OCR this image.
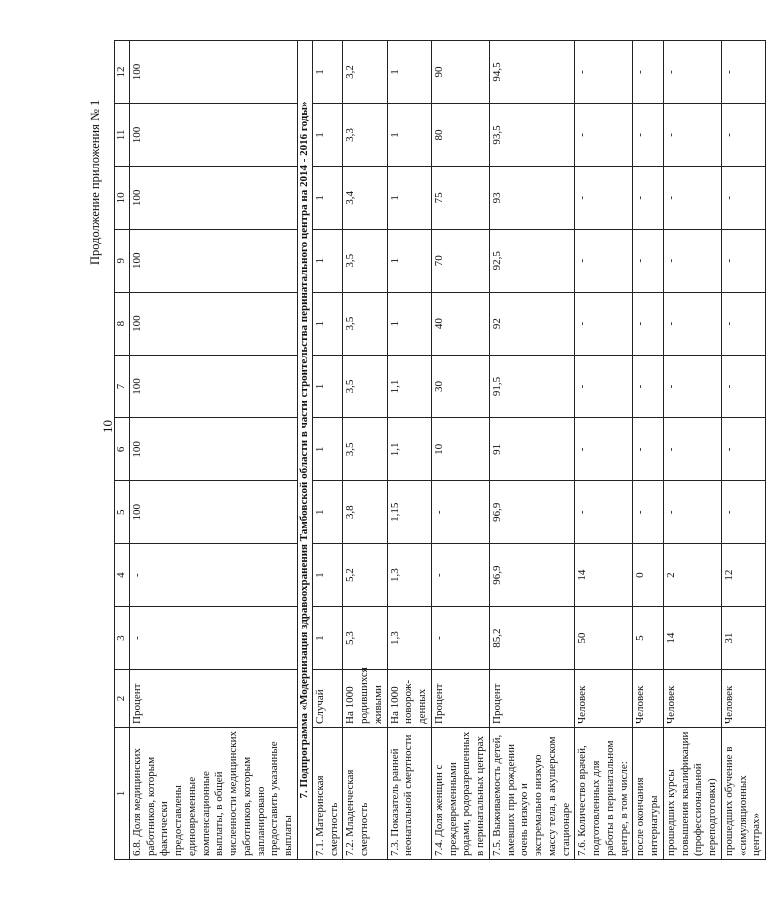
10
Продолжение приложения № 1
1	2	3	4	5	6	7	8	9	10	11	12
6.8. Доля медицинских работников, которым фактически предоставлены единовременные компенсационные выплаты, в общей численности медицинских работников, которым запланировано предоставить указанные выплаты	Процент	-	-	100	100	100	100	100	100	100	100
7. Подпрограмма «Модернизация здравоохранения Тамбовской области в части строительства перинатального центра на 2014 - 2016 годы»											
7.1. Материнская смертность	Случай	1	1	1	1	1	1	1	1	1	1
7.2. Младенческая смертность	На 1000 родившихся живыми	5,3	5,2	3,8	3,5	3,5	3,5	3,5	3,4	3,3	3,2
7.3. Показатель ранней неонатальной смертности	На 1000 новорож-денных	1,3	1,3	1,15	1,1	1,1	1	1	1	1	1
7.4. Доля женщин с преждевременными родами, родоразрешенных в перинатальных центрах	Процент	-	-	-	10	30	40	70	75	80	90
7.5. Выживаемость детей, имевших при рождении очень низкую и экстремально низкую массу тела, в акушерском стационаре	Процент	85,2	96,9	96,9	91	91,5	92	92,5	93	93,5	94,5
7.6. Количество врачей, подготовленных для работы в перинатальном центре, в том числе:	Человек	50	14	-	-	-	-	-	-	-	-
после окончания интернатуры	Человек	5	0	-	-	-	-	-	-	-	-
прошедших курсы повышения квалификации (профессиональной переподготовки)	Человек	14	2	-	-	-	-	-	-	-	-
прошедших обучение в «симуляционных центрах»	Человек	31	12	-	-	-	-	-	-	-	-
